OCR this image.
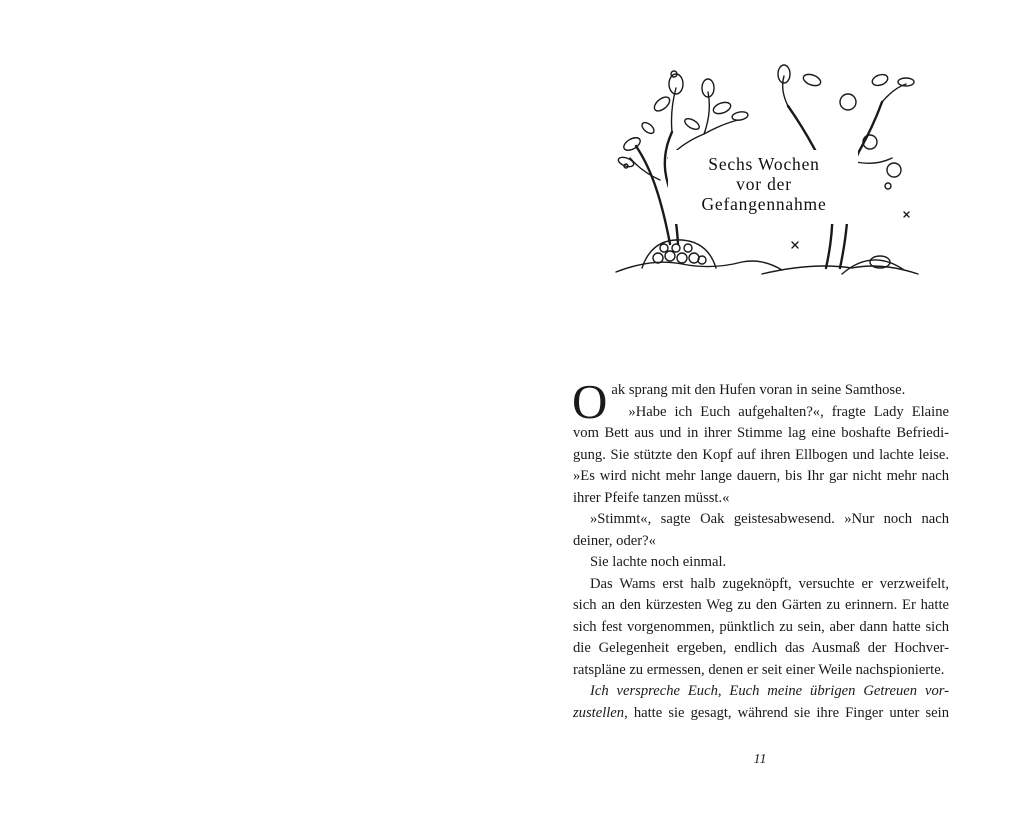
Sechs Wochen
vor der
Gefangennahme

Oak sprang mit den Hufen voran in seine Samthose.

»Habe ich Euch aufgehalten?«, fragte Lady Elaine
vom Bett aus und in ihrer Stimme lag eine boshafte Befriedi-
gung. Sie stützte den Kopf auf ihren Ellbogen und lachte leise.
»Es wird nicht mehr lange dauern, bis Ihr gar nicht mehr nach
ihrer Pfeife tanzen müsst.«

»Stimmt«, sagte Oak geistesabwesend. »Nur noch nach
deiner, oder?«

Sie lachte noch einmal.

Das Wams erst halb zugeknöpft, versuchte er verzweifelt,
sich an den kürzesten Weg zu den Gärten zu erinnern. Er hatte
sich fest vorgenommen, pünktlich zu sein, aber dann hatte sich
die Gelegenheit ergeben, endlich das Ausmaß der Hochver-
ratspläne zu ermessen, denen er seit einer Weile nachspionierte.

Ich verspreche Euch, Euch meine übrigen Getreuen vor-
zustellen, hatte sie gesagt, während sie ihre Finger unter sein

11
